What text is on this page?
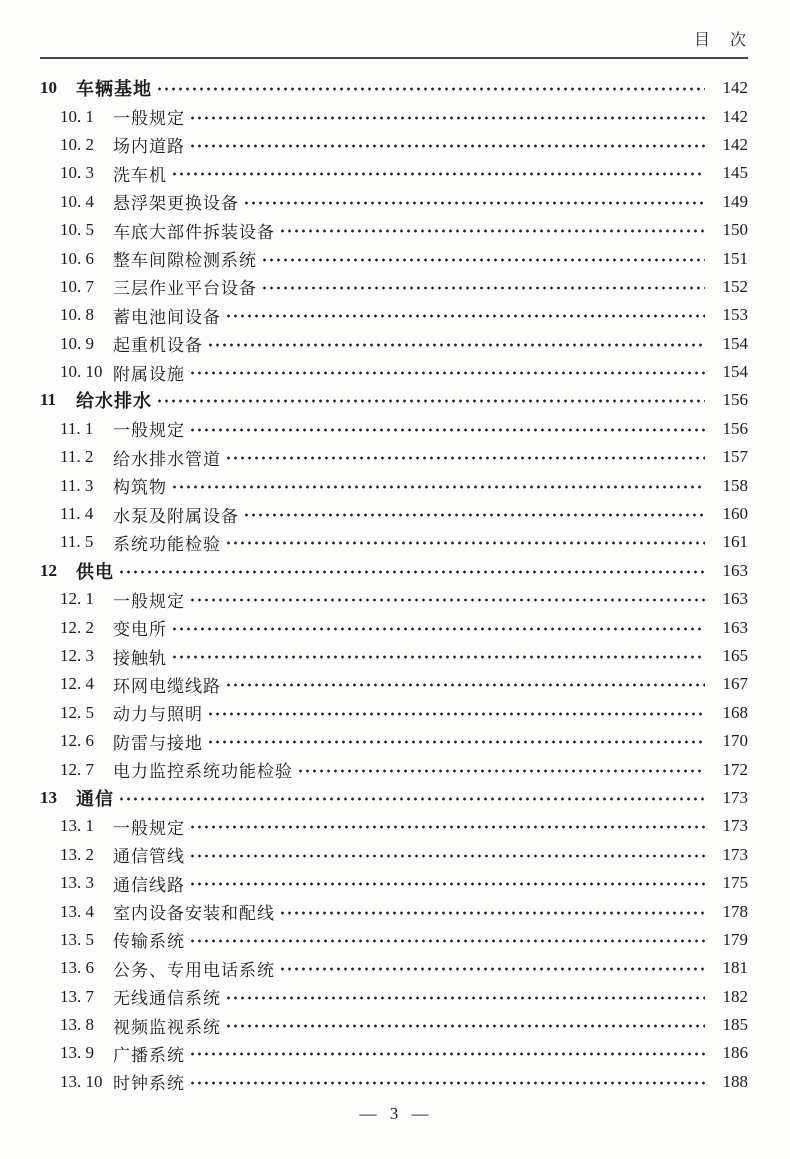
目　次
10	车辆基地	142
10. 1	一般规定	142
10. 2	场内道路	142
10. 3	洗车机	145
10. 4	悬浮架更换设备	149
10. 5	车底大部件拆装设备	150
10. 6	整车间隙检测系统	151
10. 7	三层作业平台设备	152
10. 8	蓄电池间设备	153
10. 9	起重机设备	154
10. 10 附属设施	154
11	给水排水	156
11. 1	一般规定	156
11. 2	给水排水管道	157
11. 3	构筑物	158
11. 4	水泵及附属设备	160
11. 5	系统功能检验	161
12	供电	163
12. 1	一般规定	163
12. 2	变电所	163
12. 3	接触轨	165
12. 4	环网电缆线路	167
12. 5	动力与照明	168
12. 6	防雷与接地	170
12. 7	电力监控系统功能检验	172
13	通信	173
13. 1	一般规定	173
13. 2	通信管线	173
13. 3	通信线路	175
13. 4	室内设备安装和配线	178
13. 5	传输系统	179
13. 6	公务、专用电话系统	181
13. 7	无线通信系统	182
13. 8	视频监视系统	185
13. 9	广播系统	186
13. 10 时钟系统	188
— 3 —
